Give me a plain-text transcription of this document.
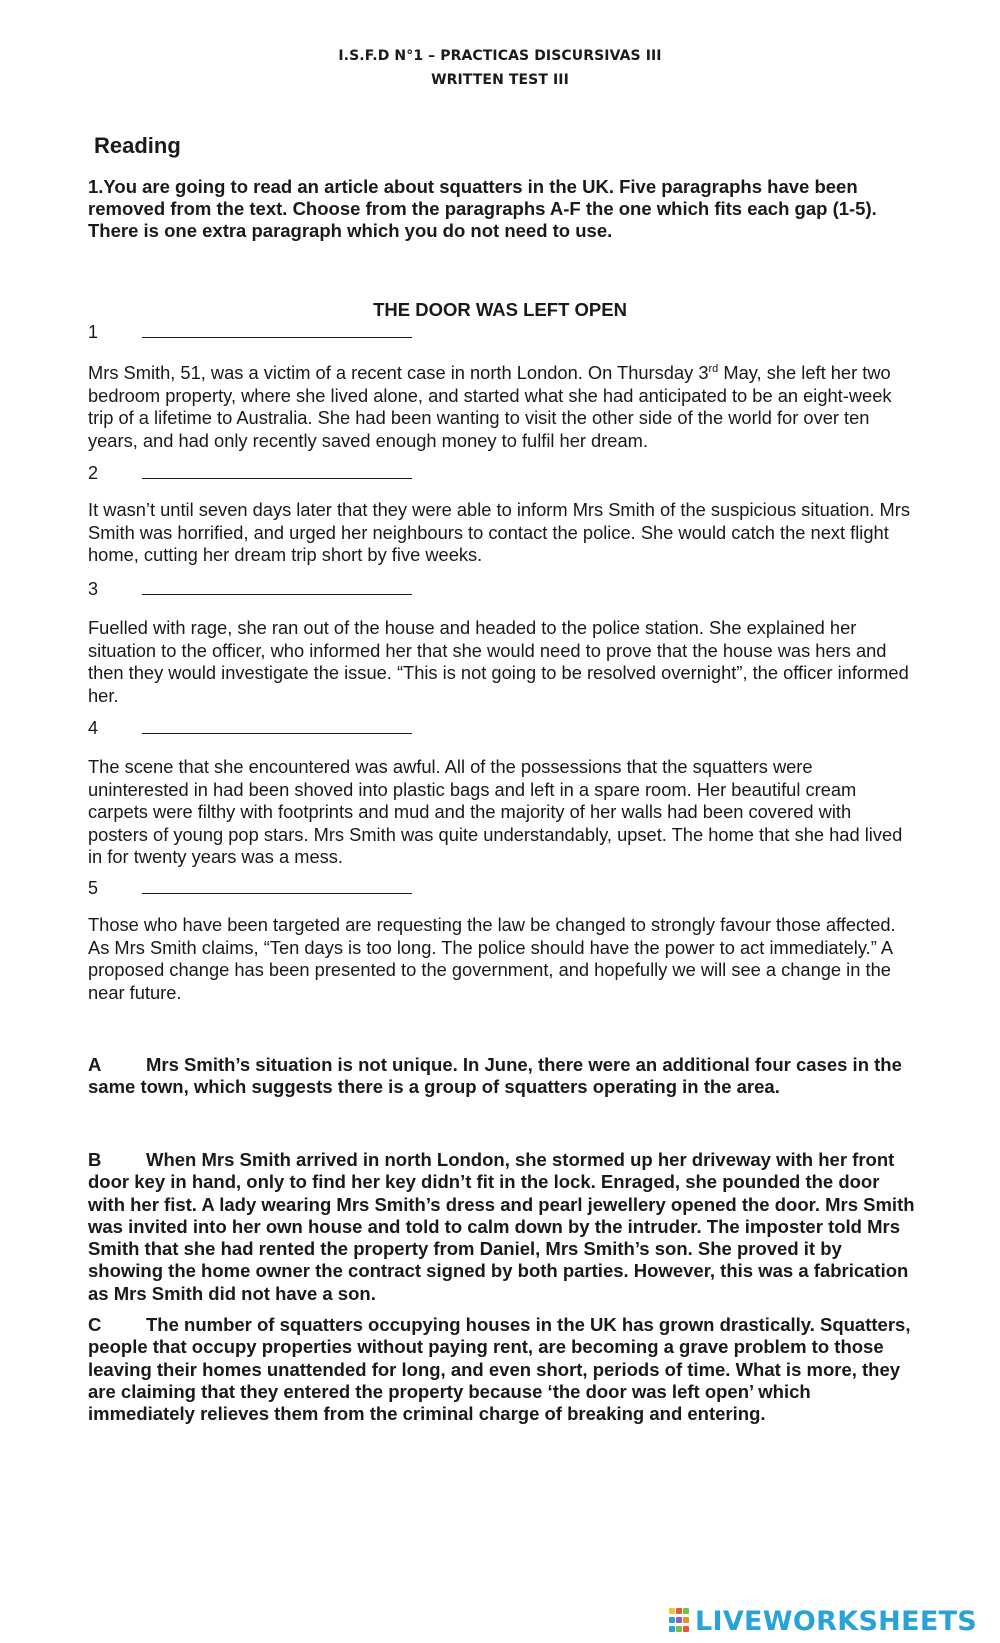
I.S.F.D N°1 – PRACTICAS DISCURSIVAS III
WRITTEN TEST III
Reading
1.You are going to read an article about squatters in the UK. Five paragraphs have been removed from the text. Choose from the paragraphs A-F the one which fits each gap (1-5). There is one extra paragraph which you do not need to use.
THE DOOR WAS LEFT OPEN
1
Mrs Smith, 51, was a victim of a recent case in north London. On Thursday 3rd May, she left her two bedroom property, where she lived alone, and started what she had anticipated to be an eight-week trip of a lifetime to Australia. She had been wanting to visit the other side of the world for over ten years, and had only recently saved enough money to fulfil her dream.
2
It wasn’t until seven days later that they were able to inform Mrs Smith of the suspicious situation. Mrs Smith was horrified, and urged her neighbours to contact the police. She would catch the next flight home, cutting her dream trip short by five weeks.
3
Fuelled with rage, she ran out of the house and headed to the police station. She explained her situation to the officer, who informed her that she would need to prove that the house was hers and then they would investigate the issue. “This is not going to be resolved overnight”, the officer informed her.
4
The scene that she encountered was awful. All of the possessions that the squatters were uninterested in had been shoved into plastic bags and left in a spare room. Her beautiful cream carpets were filthy with footprints and mud and the majority of her walls had been covered with posters of young pop stars. Mrs Smith was quite understandably, upset. The home that she had lived in for twenty years was a mess.
5
Those who have been targeted are requesting the law be changed to strongly favour those affected. As Mrs Smith claims, “Ten days is too long. The police should have the power to act immediately.” A proposed change has been presented to the government, and hopefully we will see a change in the near future.
A Mrs Smith’s situation is not unique. In June, there were an additional four cases in the same town, which suggests there is a group of squatters operating in the area.
B When Mrs Smith arrived in north London, she stormed up her driveway with her front door key in hand, only to find her key didn’t fit in the lock. Enraged, she pounded the door with her fist. A lady wearing Mrs Smith’s dress and pearl jewellery opened the door. Mrs Smith was invited into her own house and told to calm down by the intruder. The imposter told Mrs Smith that she had rented the property from Daniel, Mrs Smith’s son. She proved it by showing the home owner the contract signed by both parties. However, this was a fabrication as Mrs Smith did not have a son.
C The number of squatters occupying houses in the UK has grown drastically. Squatters, people that occupy properties without paying rent, are becoming a grave problem to those leaving their homes unattended for long, and even short, periods of time. What is more, they are claiming that they entered the property because ‘the door was left open’ which immediately relieves them from the criminal charge of breaking and entering.
LIVEWORKSHEETS
